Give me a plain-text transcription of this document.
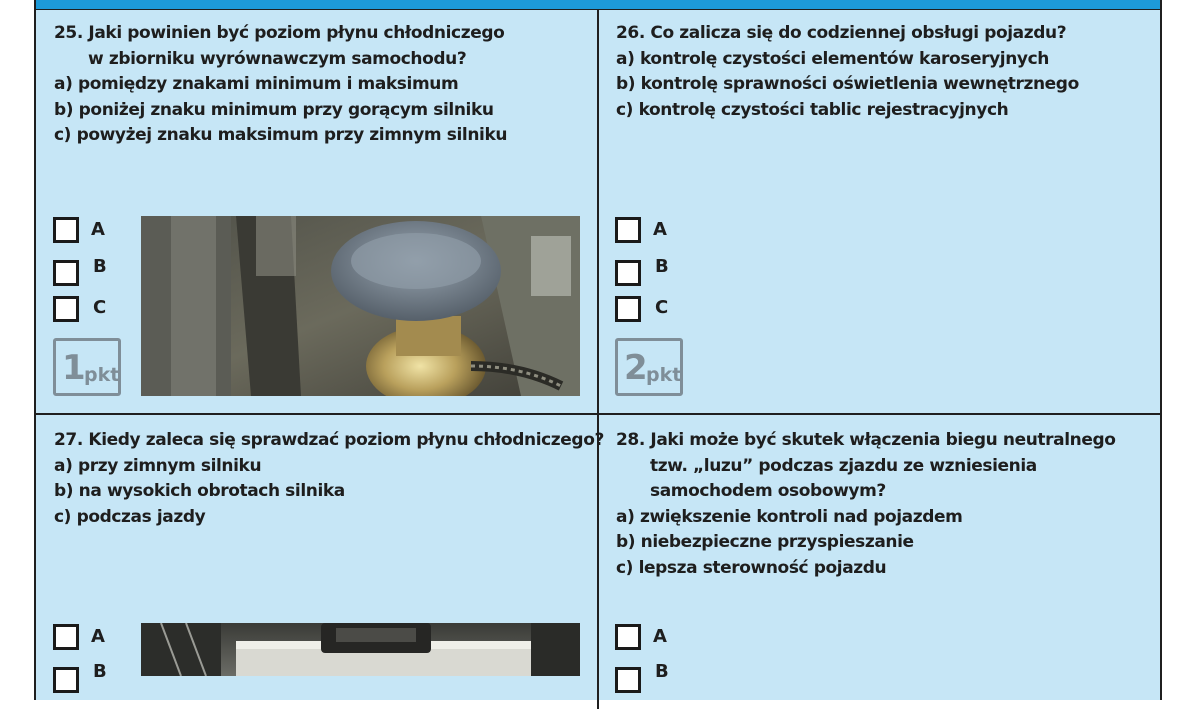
25. Jaki powinien być poziom płynu chłodniczego
w zbiorniku wyrównawczym samochodu?
a) pomiędzy znakami minimum i maksimum
b) poniżej znaku minimum przy gorącym silniku
c) powyżej znaku maksimum przy zimnym silniku
A
B
C
1
pkt
26. Co zalicza się do codziennej obsługi pojazdu?
a) kontrolę czystości elementów karoseryjnych
b) kontrolę sprawności oświetlenia wewnętrznego
c) kontrolę czystości tablic rejestracyjnych
A
B
C
2
pkt
27. Kiedy zaleca się sprawdzać poziom płynu chłodniczego?
a) przy zimnym silniku
b) na wysokich obrotach silnika
c) podczas jazdy
A
B
28. Jaki może być skutek włączenia biegu neutralnego
tzw. „luzu” podczas zjazdu ze wzniesienia
samochodem osobowym?
a) zwiększenie kontroli nad pojazdem
b) niebezpieczne przyspieszanie
c) lepsza sterowność pojazdu
A
B
